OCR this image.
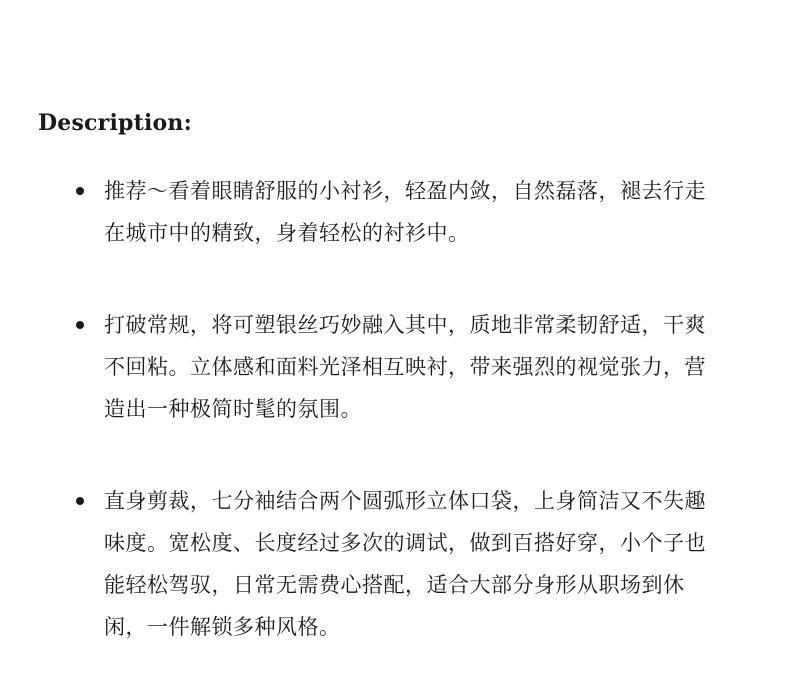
Description:
推荐～看着眼睛舒服的小衬衫，轻盈内敛，自然磊落，褪去行走在城市中的精致，身着轻松的衬衫中。
打破常规，将可塑银丝巧妙融入其中，质地非常柔韧舒适，干爽不回粘。立体感和面料光泽相互映衬，带来强烈的视觉张力，营造出一种极简时髦的氛围。
直身剪裁，七分袖结合两个圆弧形立体口袋，上身简洁又不失趣味度。宽松度、长度经过多次的调试，做到百搭好穿，小个子也能轻松驾驭，日常无需费心搭配，适合大部分身形从职场到休闲，一件解锁多种风格。
